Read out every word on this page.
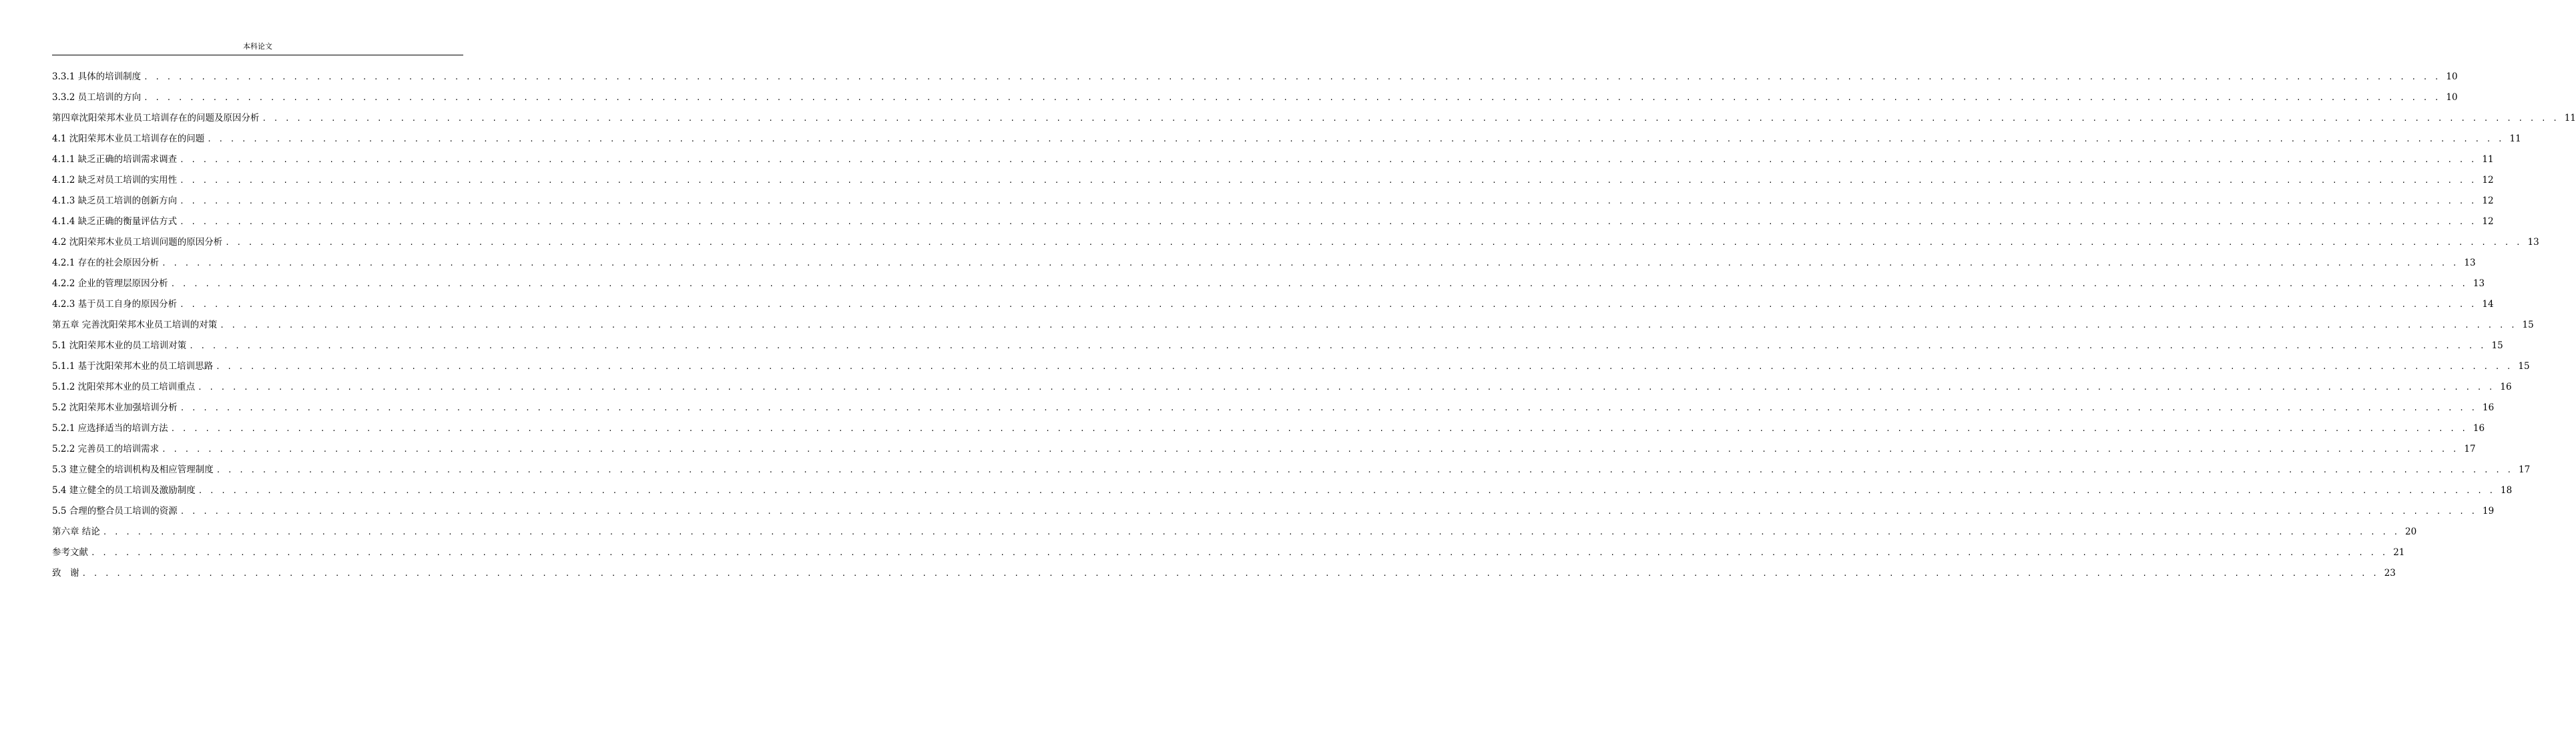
本科论文
3.3.1 具体的培训制度 . . . . . . . . . . . . . . . . . . . . . . . . . . . . . . . . . . . . . . . . . . . . . . . . . . . . . . . . . . . . . . . . . . . . . . . . . . . . . . . . . . . . . . . . . . . . . . . . . . . . . . . . . . . . . . . . . . . . . . . . . . . . . . . . . . . . . . . . . . . . . . . . . . . . . . . . . . . . . . . . . . . . . . . . . . . . . . . . . . . . . . . . . . . . . . . . . . . . . . . . 10
3.3.2 员工培训的方向 . . . . . . . . . . . . . . . . . . . . . . . . . . . . . . . . . . . . . . . . . . . . . . . . . . . . . . . . . . . . . . . . . . . . . . . . . . . . . . . . . . . . . . . . . . . . . . . . . . . . . . . . . . . . . . . . . . . . . . . . . . . . . . . . . . . . . . . . . . . . . . . . . . . . . . . . . . . . . . . . . . . . . . . . . . . . . . . . . . . . . . . . . . . . . . . . . . . . . . . . 10
第四章沈阳荣邦木业员工培训存在的问题及原因分析 . . . . . . . . . . . . . . . . . . . . . . . . . . . . . . . . . . . . . . . . . . . . . . . . . . . . . . . . . . . . . . . . . . . . . . . . . . . . . . . . . . . . . . . . . . . . . . . . . . . . . . . . . . . . . . . . . . . . . . . . . . . . . . . . . . . . . . . . . . . . . . . . . . . . . . . . . . . . . . . . . . . . . . . . . . . . . . . . . . . . . . . . . . . . . . . . . . . . . . . . 11
4.1 沈阳荣邦木业员工培训存在的问题 . . . . . . . . . . . . . . . . . . . . . . . . . . . . . . . . . . . . . . . . . . . . . . . . . . . . . . . . . . . . . . . . . . . . . . . . . . . . . . . . . . . . . . . . . . . . . . . . . . . . . . . . . . . . . . . . . . . . . . . . . . . . . . . . . . . . . . . . . . . . . . . . . . . . . . . . . . . . . . . . . . . . . . . . . . . . . . . . . . . . . . . . . . . . . . . . . . . . . . . . 11
4.1.1 缺乏正确的培训需求调查 . . . . . . . . . . . . . . . . . . . . . . . . . . . . . . . . . . . . . . . . . . . . . . . . . . . . . . . . . . . . . . . . . . . . . . . . . . . . . . . . . . . . . . . . . . . . . . . . . . . . . . . . . . . . . . . . . . . . . . . . . . . . . . . . . . . . . . . . . . . . . . . . . . . . . . . . . . . . . . . . . . . . . . . . . . . . . . . . . . . . . . . . . . . . . . . . . . . . . . . . 11
4.1.2 缺乏对员工培训的实用性 . . . . . . . . . . . . . . . . . . . . . . . . . . . . . . . . . . . . . . . . . . . . . . . . . . . . . . . . . . . . . . . . . . . . . . . . . . . . . . . . . . . . . . . . . . . . . . . . . . . . . . . . . . . . . . . . . . . . . . . . . . . . . . . . . . . . . . . . . . . . . . . . . . . . . . . . . . . . . . . . . . . . . . . . . . . . . . . . . . . . . . . . . . . . . . . . . . . . . . . . 12
4.1.3 缺乏员工培训的创新方向 . . . . . . . . . . . . . . . . . . . . . . . . . . . . . . . . . . . . . . . . . . . . . . . . . . . . . . . . . . . . . . . . . . . . . . . . . . . . . . . . . . . . . . . . . . . . . . . . . . . . . . . . . . . . . . . . . . . . . . . . . . . . . . . . . . . . . . . . . . . . . . . . . . . . . . . . . . . . . . . . . . . . . . . . . . . . . . . . . . . . . . . . . . . . . . . . . . . . . . . . 12
4.1.4 缺乏正确的衡量评估方式 . . . . . . . . . . . . . . . . . . . . . . . . . . . . . . . . . . . . . . . . . . . . . . . . . . . . . . . . . . . . . . . . . . . . . . . . . . . . . . . . . . . . . . . . . . . . . . . . . . . . . . . . . . . . . . . . . . . . . . . . . . . . . . . . . . . . . . . . . . . . . . . . . . . . . . . . . . . . . . . . . . . . . . . . . . . . . . . . . . . . . . . . . . . . . . . . . . . . . . . . 12
4.2 沈阳荣邦木业员工培训问题的原因分析 . . . . . . . . . . . . . . . . . . . . . . . . . . . . . . . . . . . . . . . . . . . . . . . . . . . . . . . . . . . . . . . . . . . . . . . . . . . . . . . . . . . . . . . . . . . . . . . . . . . . . . . . . . . . . . . . . . . . . . . . . . . . . . . . . . . . . . . . . . . . . . . . . . . . . . . . . . . . . . . . . . . . . . . . . . . . . . . . . . . . . . . . . . . . . . . . . . . . . . . . 13
4.2.1 存在的社会原因分析 . . . . . . . . . . . . . . . . . . . . . . . . . . . . . . . . . . . . . . . . . . . . . . . . . . . . . . . . . . . . . . . . . . . . . . . . . . . . . . . . . . . . . . . . . . . . . . . . . . . . . . . . . . . . . . . . . . . . . . . . . . . . . . . . . . . . . . . . . . . . . . . . . . . . . . . . . . . . . . . . . . . . . . . . . . . . . . . . . . . . . . . . . . . . . . . . . . . . . . . . 13
4.2.2 企业的管理层原因分析 . . . . . . . . . . . . . . . . . . . . . . . . . . . . . . . . . . . . . . . . . . . . . . . . . . . . . . . . . . . . . . . . . . . . . . . . . . . . . . . . . . . . . . . . . . . . . . . . . . . . . . . . . . . . . . . . . . . . . . . . . . . . . . . . . . . . . . . . . . . . . . . . . . . . . . . . . . . . . . . . . . . . . . . . . . . . . . . . . . . . . . . . . . . . . . . . . . . . . . . . 13
4.2.3 基于员工自身的原因分析 . . . . . . . . . . . . . . . . . . . . . . . . . . . . . . . . . . . . . . . . . . . . . . . . . . . . . . . . . . . . . . . . . . . . . . . . . . . . . . . . . . . . . . . . . . . . . . . . . . . . . . . . . . . . . . . . . . . . . . . . . . . . . . . . . . . . . . . . . . . . . . . . . . . . . . . . . . . . . . . . . . . . . . . . . . . . . . . . . . . . . . . . . . . . . . . . . . . . . . . . 14
第五章 完善沈阳荣邦木业员工培训的对策 . . . . . . . . . . . . . . . . . . . . . . . . . . . . . . . . . . . . . . . . . . . . . . . . . . . . . . . . . . . . . . . . . . . . . . . . . . . . . . . . . . . . . . . . . . . . . . . . . . . . . . . . . . . . . . . . . . . . . . . . . . . . . . . . . . . . . . . . . . . . . . . . . . . . . . . . . . . . . . . . . . . . . . . . . . . . . . . . . . . . . . . . . . . . . . . . . . . . . . . . 15
5.1 沈阳荣邦木业的员工培训对策 . . . . . . . . . . . . . . . . . . . . . . . . . . . . . . . . . . . . . . . . . . . . . . . . . . . . . . . . . . . . . . . . . . . . . . . . . . . . . . . . . . . . . . . . . . . . . . . . . . . . . . . . . . . . . . . . . . . . . . . . . . . . . . . . . . . . . . . . . . . . . . . . . . . . . . . . . . . . . . . . . . . . . . . . . . . . . . . . . . . . . . . . . . . . . . . . . . . . . . . . 15
5.1.1 基于沈阳荣邦木业的员工培训思路 . . . . . . . . . . . . . . . . . . . . . . . . . . . . . . . . . . . . . . . . . . . . . . . . . . . . . . . . . . . . . . . . . . . . . . . . . . . . . . . . . . . . . . . . . . . . . . . . . . . . . . . . . . . . . . . . . . . . . . . . . . . . . . . . . . . . . . . . . . . . . . . . . . . . . . . . . . . . . . . . . . . . . . . . . . . . . . . . . . . . . . . . . . . . . . . . . . . . . . . . 15
5.1.2 沈阳荣邦木业的员工培训重点 . . . . . . . . . . . . . . . . . . . . . . . . . . . . . . . . . . . . . . . . . . . . . . . . . . . . . . . . . . . . . . . . . . . . . . . . . . . . . . . . . . . . . . . . . . . . . . . . . . . . . . . . . . . . . . . . . . . . . . . . . . . . . . . . . . . . . . . . . . . . . . . . . . . . . . . . . . . . . . . . . . . . . . . . . . . . . . . . . . . . . . . . . . . . . . . . . . . . . . . . 16
5.2 沈阳荣邦木业加强培训分析 . . . . . . . . . . . . . . . . . . . . . . . . . . . . . . . . . . . . . . . . . . . . . . . . . . . . . . . . . . . . . . . . . . . . . . . . . . . . . . . . . . . . . . . . . . . . . . . . . . . . . . . . . . . . . . . . . . . . . . . . . . . . . . . . . . . . . . . . . . . . . . . . . . . . . . . . . . . . . . . . . . . . . . . . . . . . . . . . . . . . . . . . . . . . . . . . . . . . . . . . 16
5.2.1 应选择适当的培训方法 . . . . . . . . . . . . . . . . . . . . . . . . . . . . . . . . . . . . . . . . . . . . . . . . . . . . . . . . . . . . . . . . . . . . . . . . . . . . . . . . . . . . . . . . . . . . . . . . . . . . . . . . . . . . . . . . . . . . . . . . . . . . . . . . . . . . . . . . . . . . . . . . . . . . . . . . . . . . . . . . . . . . . . . . . . . . . . . . . . . . . . . . . . . . . . . . . . . . . . . . 16
5.2.2 完善员工的培训需求 . . . . . . . . . . . . . . . . . . . . . . . . . . . . . . . . . . . . . . . . . . . . . . . . . . . . . . . . . . . . . . . . . . . . . . . . . . . . . . . . . . . . . . . . . . . . . . . . . . . . . . . . . . . . . . . . . . . . . . . . . . . . . . . . . . . . . . . . . . . . . . . . . . . . . . . . . . . . . . . . . . . . . . . . . . . . . . . . . . . . . . . . . . . . . . . . . . . . . . . . 17
5.3 建立健全的培训机构及相应管理制度 . . . . . . . . . . . . . . . . . . . . . . . . . . . . . . . . . . . . . . . . . . . . . . . . . . . . . . . . . . . . . . . . . . . . . . . . . . . . . . . . . . . . . . . . . . . . . . . . . . . . . . . . . . . . . . . . . . . . . . . . . . . . . . . . . . . . . . . . . . . . . . . . . . . . . . . . . . . . . . . . . . . . . . . . . . . . . . . . . . . . . . . . . . . . . . . . . . . . . . . . 17
5.4 建立健全的员工培训及激励制度 . . . . . . . . . . . . . . . . . . . . . . . . . . . . . . . . . . . . . . . . . . . . . . . . . . . . . . . . . . . . . . . . . . . . . . . . . . . . . . . . . . . . . . . . . . . . . . . . . . . . . . . . . . . . . . . . . . . . . . . . . . . . . . . . . . . . . . . . . . . . . . . . . . . . . . . . . . . . . . . . . . . . . . . . . . . . . . . . . . . . . . . . . . . . . . . . . . . . . . . . 18
5.5 合理的整合员工培训的资源 . . . . . . . . . . . . . . . . . . . . . . . . . . . . . . . . . . . . . . . . . . . . . . . . . . . . . . . . . . . . . . . . . . . . . . . . . . . . . . . . . . . . . . . . . . . . . . . . . . . . . . . . . . . . . . . . . . . . . . . . . . . . . . . . . . . . . . . . . . . . . . . . . . . . . . . . . . . . . . . . . . . . . . . . . . . . . . . . . . . . . . . . . . . . . . . . . . . . . . . . 19
第六章 结论 . . . . . . . . . . . . . . . . . . . . . . . . . . . . . . . . . . . . . . . . . . . . . . . . . . . . . . . . . . . . . . . . . . . . . . . . . . . . . . . . . . . . . . . . . . . . . . . . . . . . . . . . . . . . . . . . . . . . . . . . . . . . . . . . . . . . . . . . . . . . . . . . . . . . . . . . . . . . . . . . . . . . . . . . . . . . . . . . . . . . . . . . . . . . . . . . . . . . . . . . 20
参考文献 . . . . . . . . . . . . . . . . . . . . . . . . . . . . . . . . . . . . . . . . . . . . . . . . . . . . . . . . . . . . . . . . . . . . . . . . . . . . . . . . . . . . . . . . . . . . . . . . . . . . . . . . . . . . . . . . . . . . . . . . . . . . . . . . . . . . . . . . . . . . . . . . . . . . . . . . . . . . . . . . . . . . . . . . . . . . . . . . . . . . . . . . . . . . . . . . . . . . . . . . 21
致　谢 . . . . . . . . . . . . . . . . . . . . . . . . . . . . . . . . . . . . . . . . . . . . . . . . . . . . . . . . . . . . . . . . . . . . . . . . . . . . . . . . . . . . . . . . . . . . . . . . . . . . . . . . . . . . . . . . . . . . . . . . . . . . . . . . . . . . . . . . . . . . . . . . . . . . . . . . . . . . . . . . . . . . . . . . . . . . . . . . . . . . . . . . . . . . . . . . . . . . . . . . 23
